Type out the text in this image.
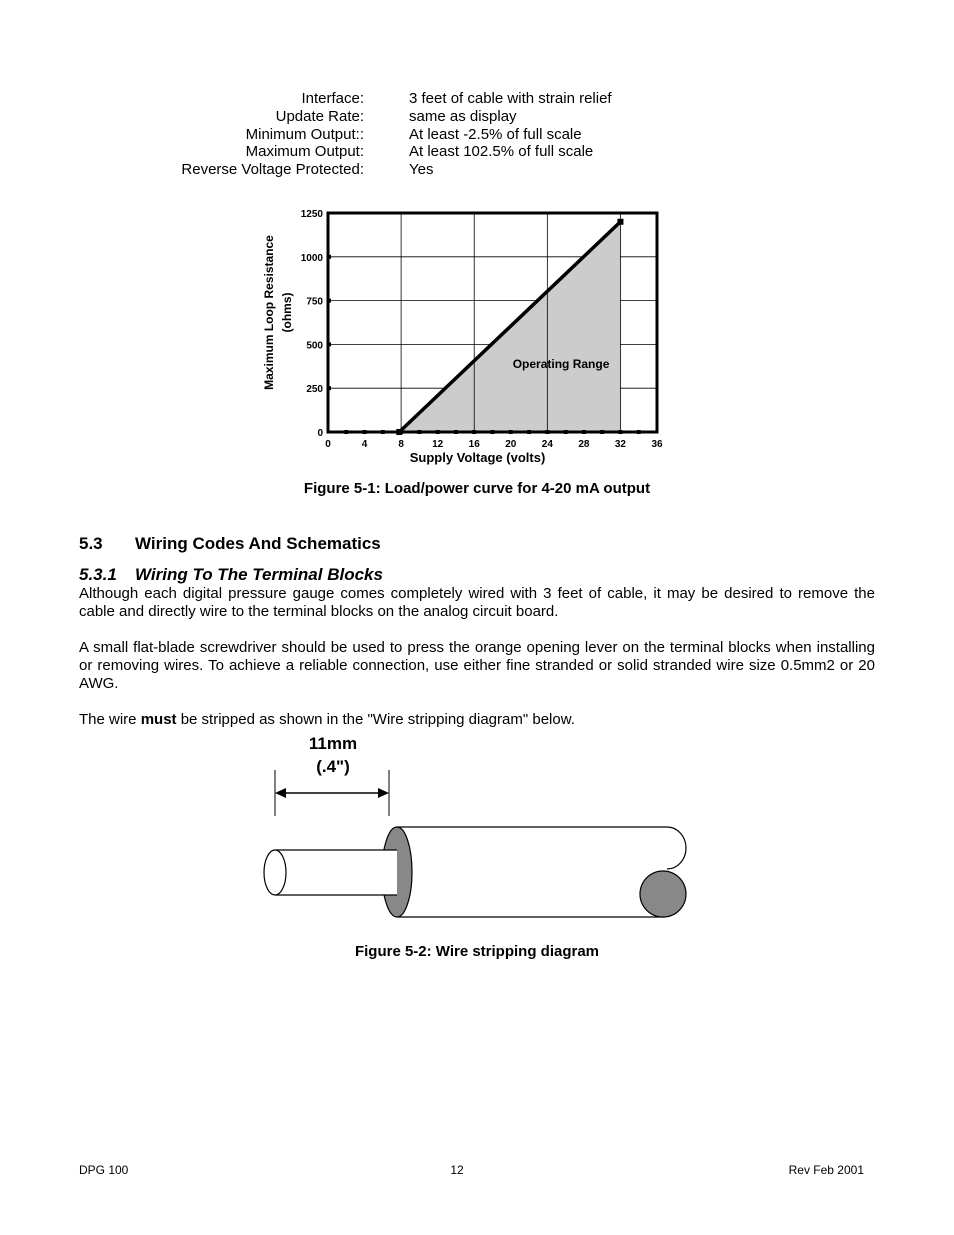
Interface:	3 feet of cable with strain relief
Update Rate:	same as display
Minimum Output::	At least -2.5% of full scale
Maximum Output:	At least 102.5% of full scale
Reverse Voltage Protected:	Yes
0	4	8	12	16	20	24	28	32	36
0
250
500
750
1000
1250
Operating Range
Supply Voltage (volts)
Maximum Loop Resistance (ohms)
Figure 5-1: Load/power curve for 4-20 mA output
5.3 Wiring Codes And Schematics
5.3.1 Wiring To The Terminal Blocks
Although each digital pressure gauge comes completely wired with 3 feet of cable, it may be desired to remove the cable and directly wire to the terminal blocks on the analog circuit board.
A small flat-blade screwdriver should be used to press the orange opening lever on the terminal blocks when installing or removing wires. To achieve a reliable connection, use either fine stranded or solid stranded wire size 0.5mm2 or 20 AWG.
The wire must be stripped as shown in the "Wire stripping diagram" below.
11mm
(.4")
Figure 5-2: Wire stripping diagram
DPG 100	12	Rev Feb 2001
